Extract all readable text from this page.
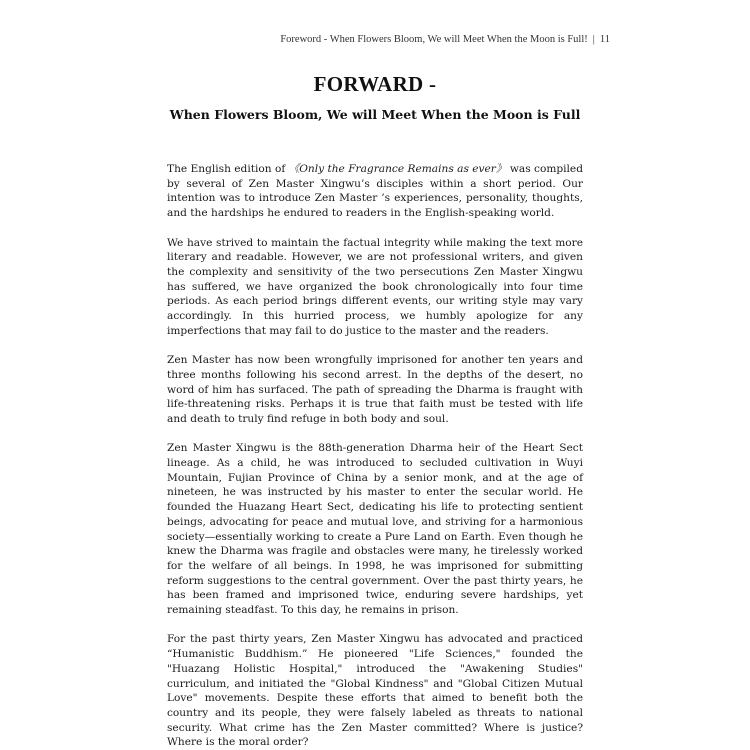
Foreword - When Flowers Bloom, We will Meet When the Moon is Full! | 11
FORWARD -
When Flowers Bloom, We will Meet When the Moon is Full

The English edition of 《Only the Fragrance Remains as ever》 was compiled by several of Zen Master Xingwu’s disciples within a short period. Our intention was to introduce Zen Master ’s experiences, personality, thoughts, and the hardships he endured to readers in the English-speaking world.

We have strived to maintain the factual integrity while making the text more literary and readable. However, we are not professional writers, and given the complexity and sensitivity of the two persecutions Zen Master Xingwu has suffered, we have organized the book chronologically into four time periods. As each period brings different events, our writing style may vary accordingly. In this hurried process, we humbly apologize for any imperfections that may fail to do justice to the master and the readers.

Zen Master has now been wrongfully imprisoned for another ten years and three months following his second arrest. In the depths of the desert, no word of him has surfaced. The path of spreading the Dharma is fraught with life-threatening risks. Perhaps it is true that faith must be tested with life and death to truly find refuge in both body and soul.

Zen Master Xingwu is the 88th-generation Dharma heir of the Heart Sect lineage. As a child, he was introduced to secluded cultivation in Wuyi Mountain, Fujian Province of China by a senior monk, and at the age of nineteen, he was instructed by his master to enter the secular world. He founded the Huazang Heart Sect, dedicating his life to protecting sentient beings, advocating for peace and mutual love, and striving for a harmonious society—essentially working to create a Pure Land on Earth. Even though he knew the Dharma was fragile and obstacles were many, he tirelessly worked for the welfare of all beings. In 1998, he was imprisoned for submitting reform suggestions to the central government. Over the past thirty years, he has been framed and imprisoned twice, enduring severe hardships, yet remaining steadfast. To this day, he remains in prison.

For the past thirty years, Zen Master Xingwu has advocated and practiced “Humanistic Buddhism.” He pioneered "Life Sciences," founded the "Huazang Holistic Hospital," introduced the "Awakening Studies" curriculum, and initiated the "Global Kindness" and "Global Citizen Mutual Love" movements. Despite these efforts that aimed to benefit both the country and its people, they were falsely labeled as threats to national security. What crime has the Zen Master committed? Where is justice? Where is the moral order?
